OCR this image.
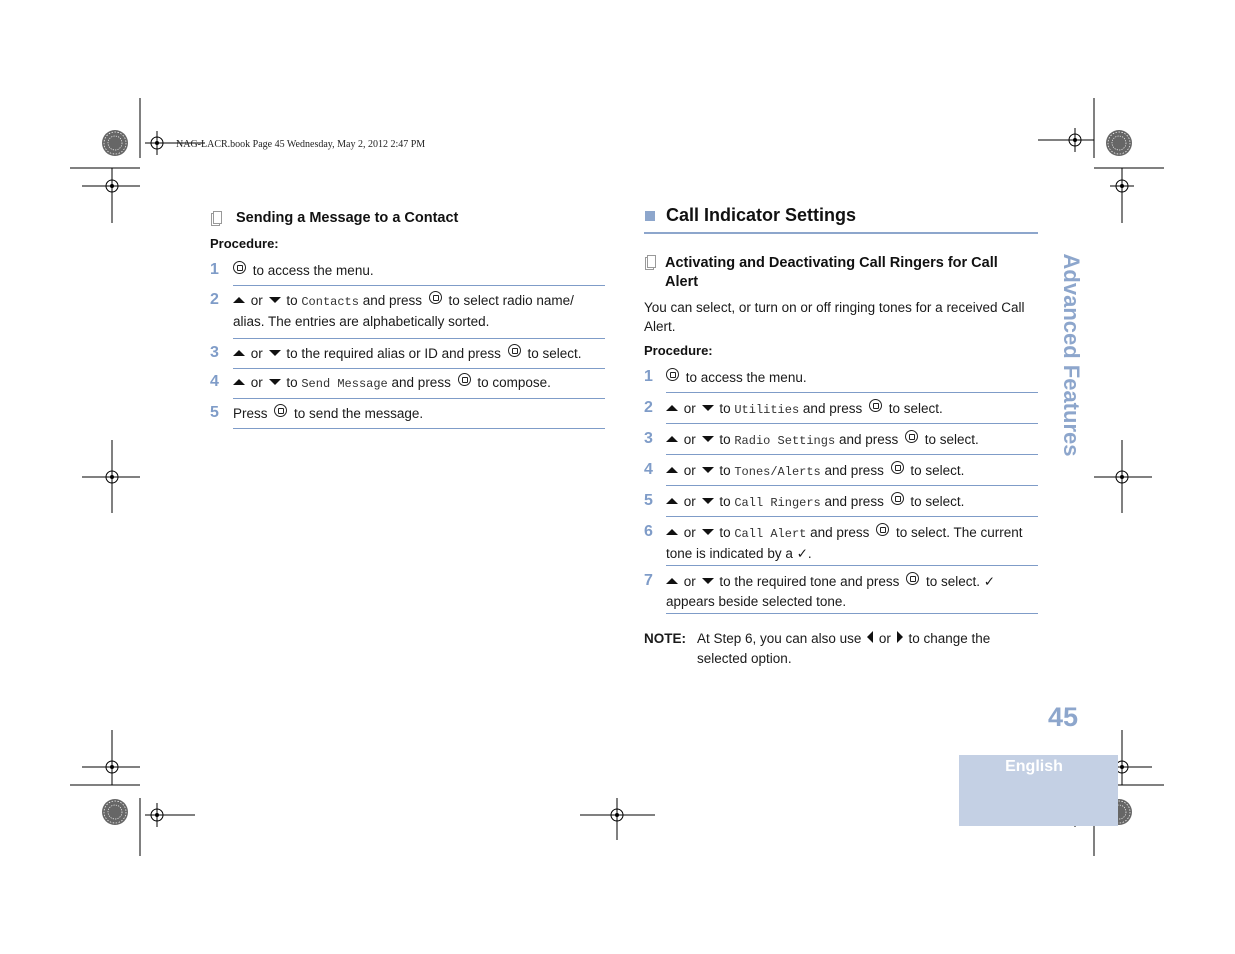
NAG-LACR.book Page 45 Wednesday, May 2, 2012 2:47 PM
Sending a Message to a Contact
Procedure:
1	to access the menu.
2	or to Contacts and press to select radio name/
alias. The entries are alphabetically sorted.
3	or to the required alias or ID and press to select.
4	or to Send Message and press to compose.
5 Press to send the message.
Call Indicator Settings
Activating and Deactivating Call Ringers for Call
Alert
You can select, or turn on or off ringing tones for a received Call
Alert.
Procedure:
1	to access the menu.
2	or to Utilities and press to select.
3	or to Radio Settings and press to select.
4	or to Tones/Alerts and press to select.
5	or to Call Ringers and press to select.
6	or to Call Alert and press to select. The current
tone is indicated by a ✓.
7	or to the required tone and press to select. ✓
appears beside selected tone.
NOTE: At Step 6, you can also use or to change the
selected option.
Advanced Features
45
English
